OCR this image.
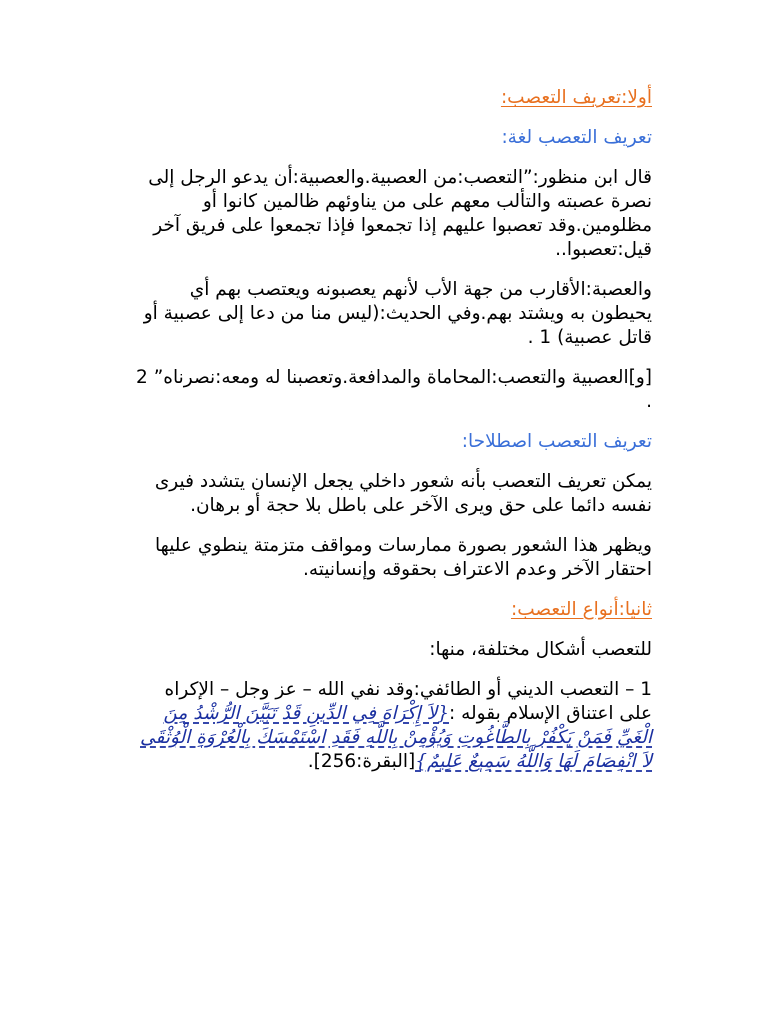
أولا:تعريف التعصب:

تعريف التعصب لغة:

قال ابن منظور:”التعصب:من العصبية.والعصبية:أن يدعو الرجل إلى نصرة عصبته والتألب معهم على من يناوئهم ظالمين كانوا أو مظلومين.وقد تعصبوا عليهم إذا تجمعوا فإذا تجمعوا على فريق آخر قيل:تعصبوا..

والعصبة:الأقارب من جهة الأب لأنهم يعصبونه ويعتصب بهم أي يحيطون به ويشتد بهم.وفي الحديث:(ليس منا من دعا إلى عصبية أو قاتل عصبية) 1 .

[و]العصبية والتعصب:المحاماة والمدافعة.وتعصبنا له ومعه:نصرناه” 2 .

تعريف التعصب اصطلاحا:

يمكن تعريف التعصب بأنه شعور داخلي يجعل الإنسان يتشدد فيرى نفسه دائما على حق ويرى الآخر على باطل بلا حجة أو برهان.

ويظهر هذا الشعور بصورة ممارسات ومواقف متزمتة ينطوي عليها احتقار الآخر وعدم الاعتراف بحقوقه وإنسانيته.

ثانيا:أنواع التعصب:

للتعصب أشكال مختلفة، منها:

1 – التعصب الديني أو الطائفي:وقد نفي الله – عز وجل – الإكراه على اعتناق الإسلام بقوله :{لاَ إِكْرَاهَ فِي الدِّينِ قَدْ تَبَيَّنَ الرُّشْدُ مِنَ الْغَيِّ فَمَنْ يَكْفُرْ بِالطَّاغُوتِ وَيُؤْمِنْ بِاللَّهِ فَقَدِ اسْتَمْسَكَ بِالْعُرْوَةِ الْوُثْقَى لاَ انْفِصَامَ لَهَا وَاللَّهُ سَمِيعٌ عَلِيمٌ}[البقرة:256].
